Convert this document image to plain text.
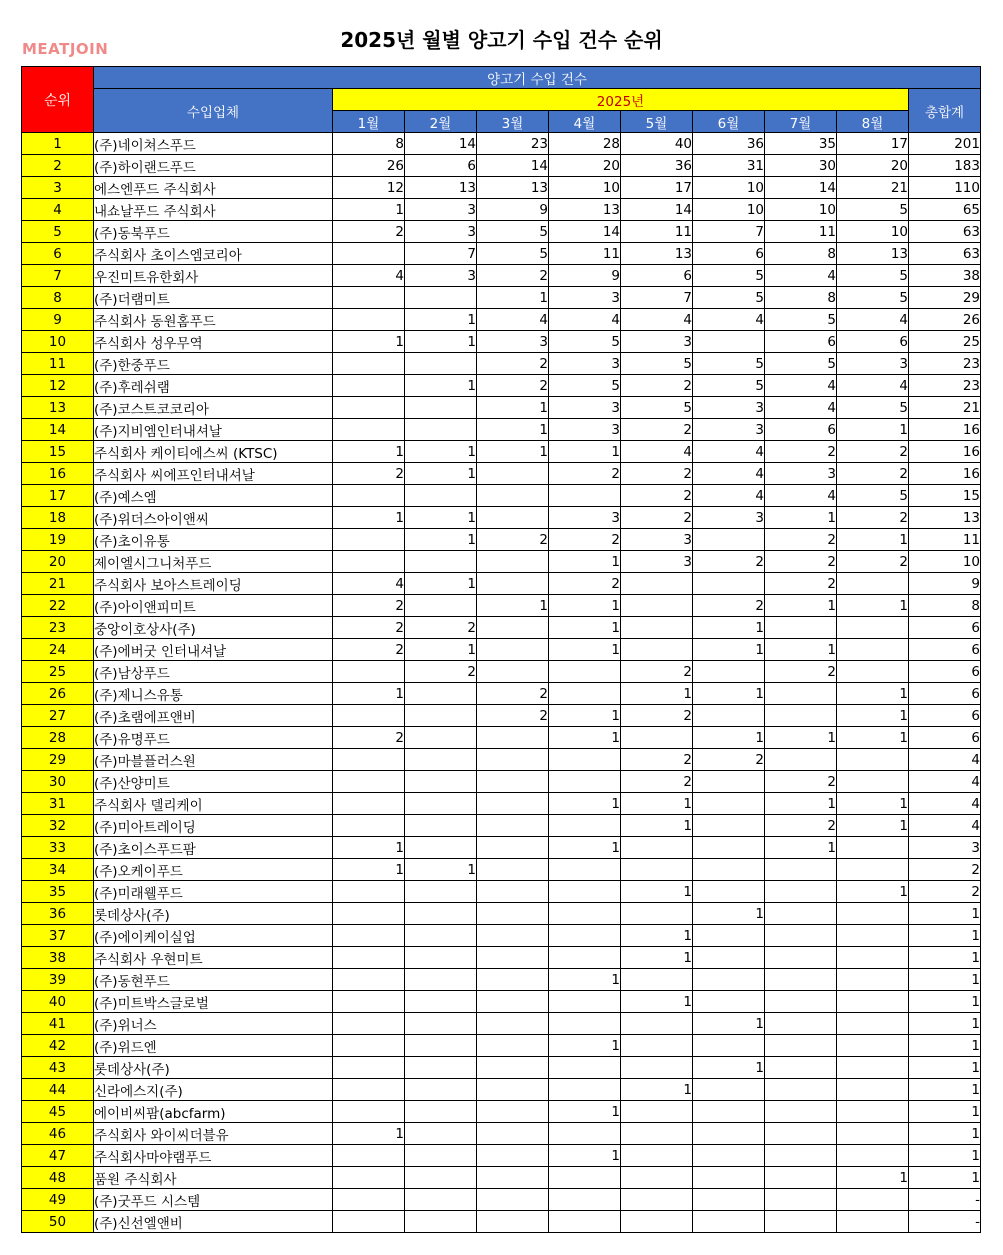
MEATJOIN	2025년 월별 양고기 수입 건수 순위
순위	양고기 수입 건수									
	수입업체	2025년								총합계
		1월	2월	3월	4월	5월	6월	7월	8월	
1	(주)네이쳐스푸드	8	14	23	28	40	36	35	17	201
2	(주)하이랜드푸드	26	6	14	20	36	31	30	20	183
3	에스엔푸드 주식회사	12	13	13	10	17	10	14	21	110
4	내쇼날푸드 주식회사	1	3	9	13	14	10	10	5	65
5	(주)동북푸드	2	3	5	14	11	7	11	10	63
6	주식회사 초이스엠코리아		7	5	11	13	6	8	13	63
7	우진미트유한회사	4	3	2	9	6	5	4	5	38
8	(주)더램미트			1	3	7	5	8	5	29
9	주식회사 동원홈푸드		1	4	4	4	4	5	4	26
10	주식회사 성우무역	1	1	3	5	3		6	6	25
11	(주)한중푸드			2	3	5	5	5	3	23
12	(주)후레쉬램		1	2	5	2	5	4	4	23
13	(주)코스트코코리아			1	3	5	3	4	5	21
14	(주)지비엠인터내셔날			1	3	2	3	6	1	16
15	주식회사 케이티에스씨 (KTSC)	1	1	1	1	4	4	2	2	16
16	주식회사 씨에프인터내셔날	2	1		2	2	4	3	2	16
17	(주)예스엠					2	4	4	5	15
18	(주)위더스아이앤씨	1	1		3	2	3	1	2	13
19	(주)초이유통		1	2	2	3		2	1	11
20	제이엘시그니처푸드				1	3	2	2	2	10
21	주식회사 보아스트레이딩	4	1		2			2		9
22	(주)아이앤피미트	2		1	1		2	1	1	8
23	중앙이호상사(주)	2	2		1		1			6
24	(주)에버굿 인터내셔날	2	1		1		1	1		6
25	(주)남상푸드		2			2		2		6
26	(주)제니스유통	1		2		1	1		1	6
27	(주)초램에프앤비			2	1	2			1	6
28	(주)유명푸드	2			1		1	1	1	6
29	(주)마블플러스원					2	2			4
30	(주)산양미트					2		2		4
31	주식회사 델리케이				1	1		1	1	4
32	(주)미아트레이딩					1		2	1	4
33	(주)초이스푸드팜	1			1			1		3
34	(주)오케이푸드	1	1							2
35	(주)미래웰푸드					1			1	2
36	롯데상사(주)						1			1
37	(주)에이케이실업					1				1
38	주식회사 우현미트					1				1
39	(주)동현푸드				1					1
40	(주)미트박스글로벌					1				1
41	(주)위너스						1			1
42	(주)위드엔				1					1
43	롯데상사(주)						1			1
44	신라에스지(주)					1				1
45	에이비씨팜(abcfarm)				1					1
46	주식회사 와이씨더블유	1								1
47	주식회사마야램푸드				1					1
48	품원 주식회사								1	1
49	(주)굿푸드 시스템									-
50	(주)신선엘앤비									-
